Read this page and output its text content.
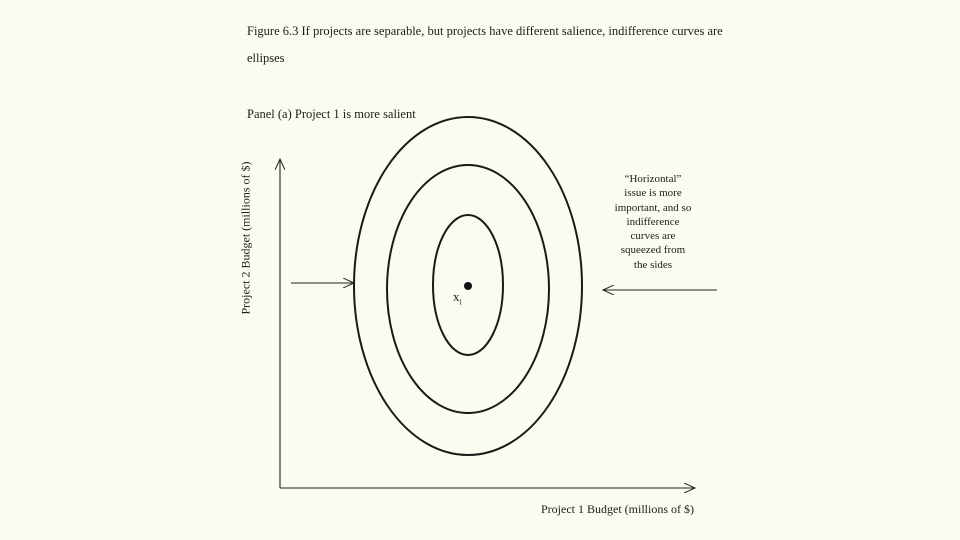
Figure 6.3 If projects are separable, but projects have different salience, indifference curves are

ellipses

Panel (a) Project 1 is more salient

$x_i$
Project 2 Budget (millions of $)

Project 1 Budget (millions of $)

“Horizontal”
issue is more
important, and so
indifference
curves are
squeezed from
the sides
